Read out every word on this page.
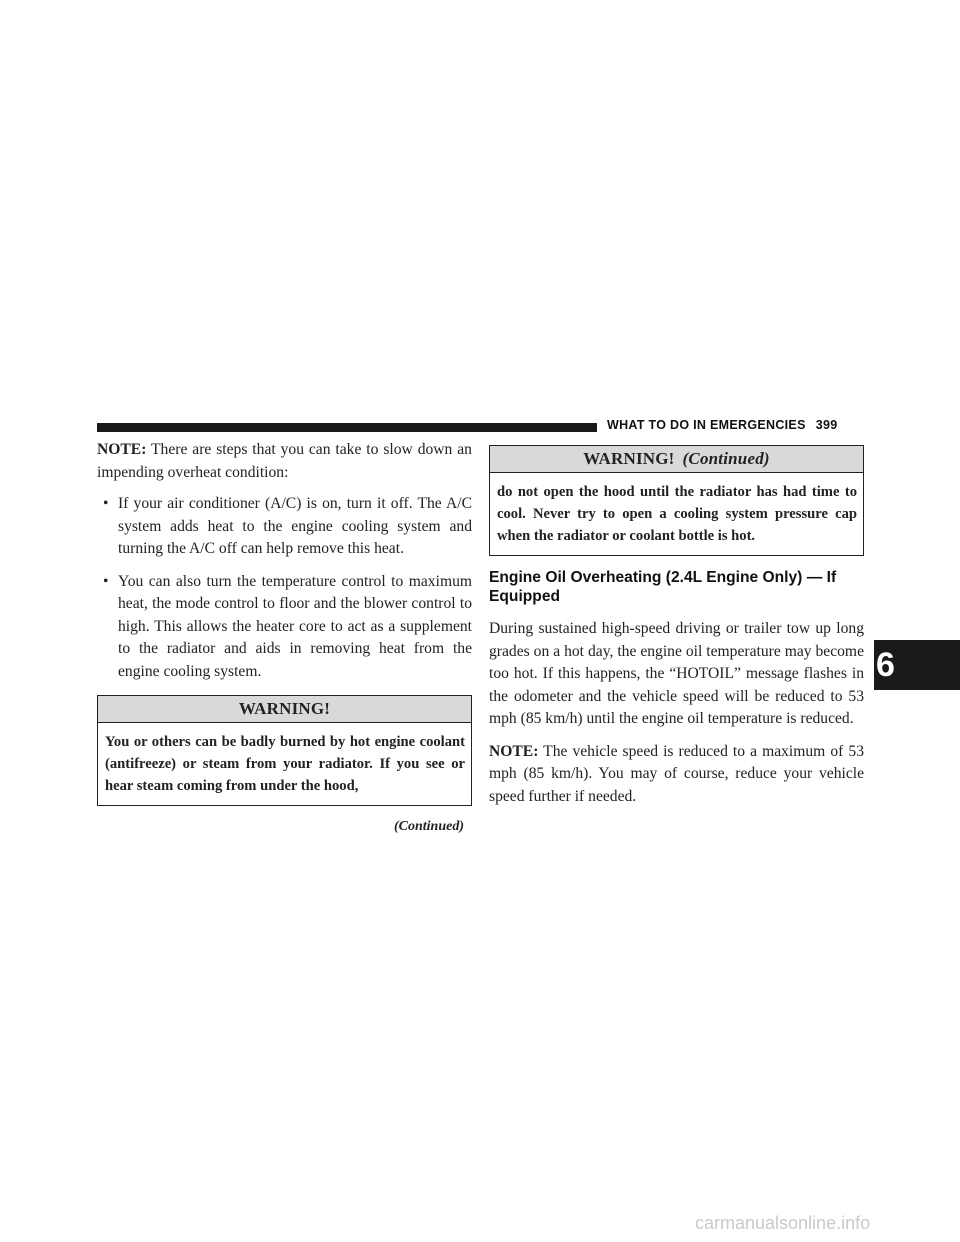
WHAT TO DO IN EMERGENCIES 399

NOTE: There are steps that you can take to slow down an impending overheat condition:

• If your air conditioner (A/C) is on, turn it off. The A/C system adds heat to the engine cooling system and turning the A/C off can help remove this heat.
• You can also turn the temperature control to maximum heat, the mode control to floor and the blower control to high. This allows the heater core to act as a supplement to the radiator and aids in removing heat from the engine cooling system.
WARNING!
You or others can be badly burned by hot engine coolant (antifreeze) or steam from your radiator. If you see or hear steam coming from under the hood,
(Continued)
WARNING! (Continued)
do not open the hood until the radiator has had time to cool. Never try to open a cooling system pressure cap when the radiator or coolant bottle is hot.
Engine Oil Overheating (2.4L Engine Only) — If Equipped

During sustained high-speed driving or trailer tow up long grades on a hot day, the engine oil temperature may become too hot. If this happens, the “HOTOIL” message flashes in the odometer and the vehicle speed will be reduced to 53 mph (85 km/h) until the engine oil temperature is reduced.

NOTE: The vehicle speed is reduced to a maximum of 53 mph (85 km/h). You may of course, reduce your vehicle speed further if needed.

6
carmanualsonline.info
